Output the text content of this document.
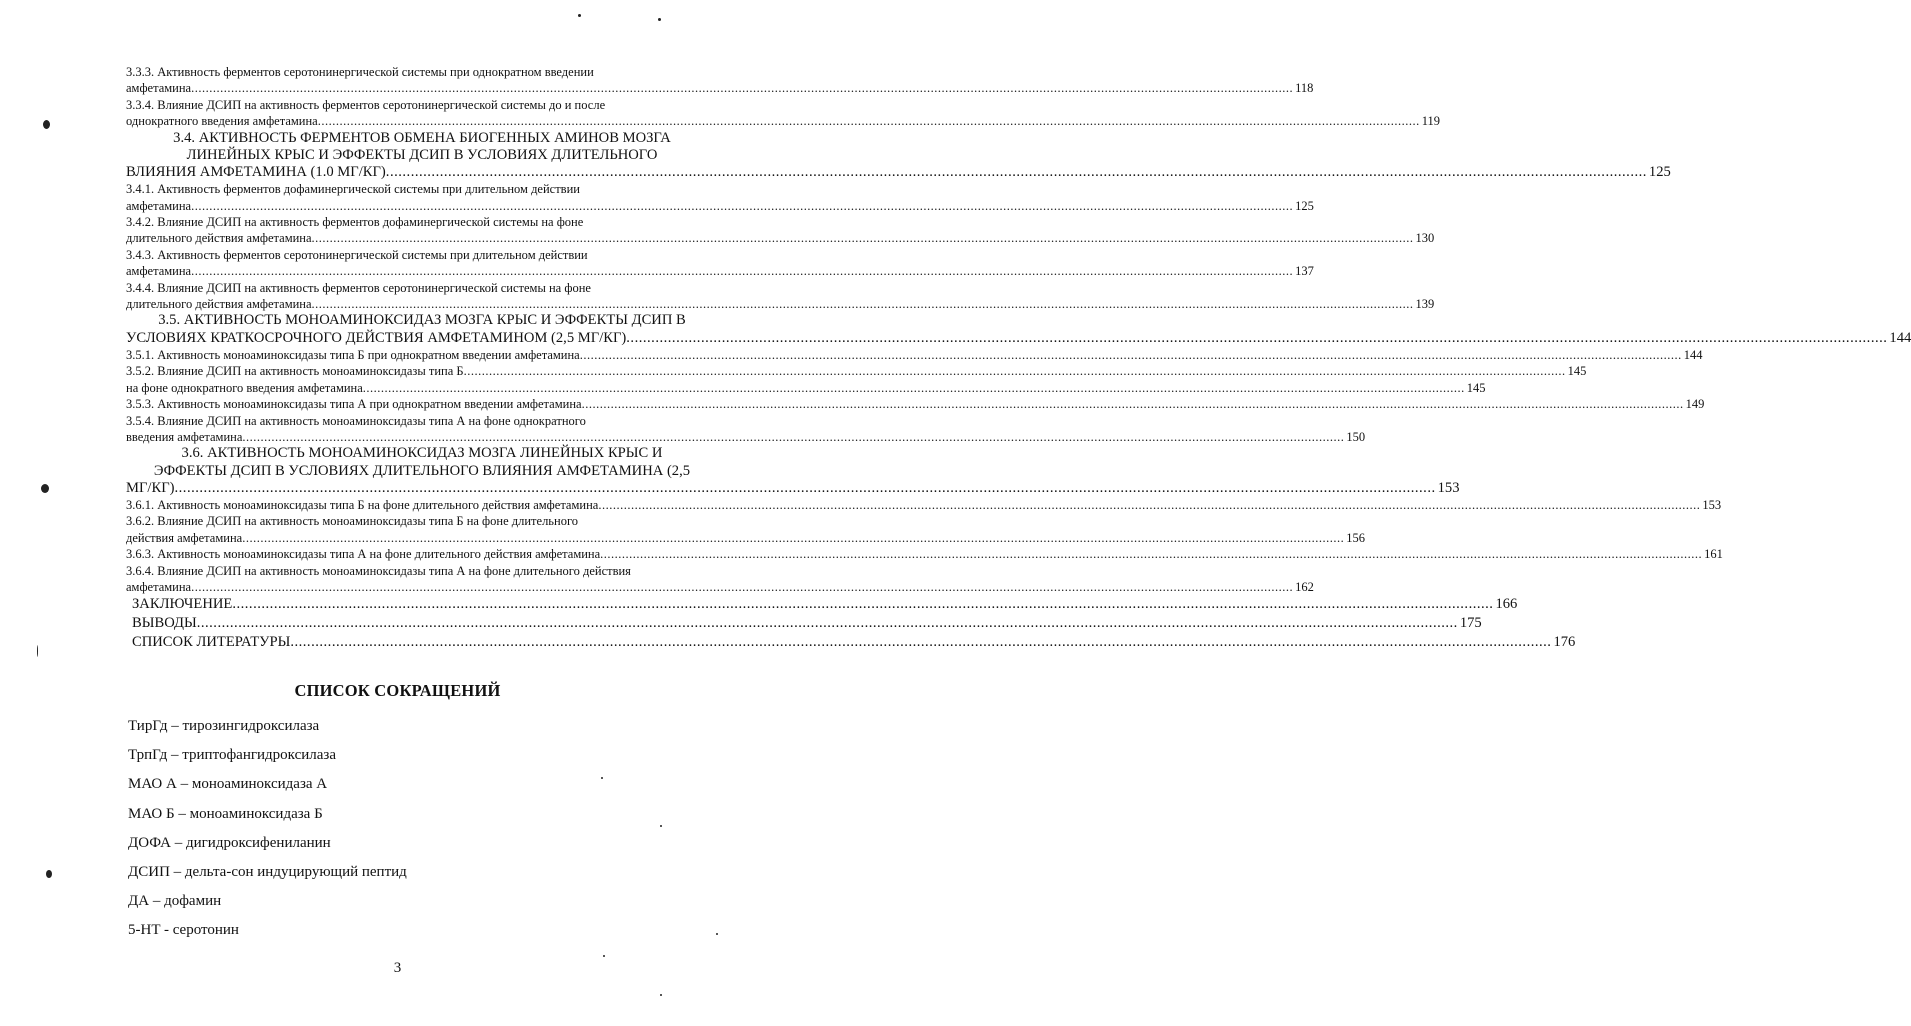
3.3.3. Активность ферментов серотонинергической системы при однократном введении
амфетамина .....	118
3.3.4. Влияние ДСИП на активность ферментов серотонинергической системы до и после
однократного введения амфетамина .....	119
3.4. АКТИВНОСТЬ ФЕРМЕНТОВ ОБМЕНА БИОГЕННЫХ АМИНОВ МОЗГА
ЛИНЕЙНЫХ КРЫС И ЭФФЕКТЫ ДСИП В УСЛОВИЯХ ДЛИТЕЛЬНОГО
ВЛИЯНИЯ АМФЕТАМИНА (1.0 МГ/КГ) .....	125
3.4.1. Активность ферментов дофаминергической системы при длительном действии
амфетамина .....	125
3.4.2. Влияние ДСИП на активность ферментов дофаминергической системы на фоне
длительного действия амфетамина .....	130
3.4.3. Активность ферментов серотонинергической системы при длительном действии
амфетамина .....	137
3.4.4. Влияние ДСИП на активность ферментов серотонинергической системы на фоне
длительного действия амфетамина .....	139
3.5. АКТИВНОСТЬ МОНОАМИНОКСИДАЗ МОЗГА КРЫС И ЭФФЕКТЫ ДСИП В
УСЛОВИЯХ КРАТКОСРОЧНОГО ДЕЙСТВИЯ АМФЕТАМИНОМ (2,5 МГ/КГ) .....	144
3.5.1. Активность моноаминоксидазы типа Б при однократном введении амфетамина .....	144
3.5.2. Влияние ДСИП на активность моноаминоксидазы типа Б .....	145
на фоне однократного введения амфетамина .....	145
3.5.3. Активность моноаминоксидазы типа А при однократном введении амфетамина .....	149
3.5.4. Влияние ДСИП на активность моноаминоксидазы типа А на фоне однократного
введения амфетамина .....	150
3.6. АКТИВНОСТЬ МОНОАМИНОКСИДАЗ МОЗГА ЛИНЕЙНЫХ КРЫС И
ЭФФЕКТЫ ДСИП В УСЛОВИЯХ ДЛИТЕЛЬНОГО ВЛИЯНИЯ АМФЕТАМИНА (2,5
МГ/КГ) .....	153
3.6.1. Активность моноаминоксидазы типа Б на фоне длительного действия амфетамина .....	153
3.6.2. Влияние ДСИП на активность моноаминоксидазы типа Б на фоне длительного
действия амфетамина .....	156
3.6.3. Активность моноаминоксидазы типа А на фоне длительного действия амфетамина .....	161
3.6.4. Влияние ДСИП на активность моноаминоксидазы типа А на фоне длительного действия
амфетамина .....	162
ЗАКЛЮЧЕНИЕ .....	166
ВЫВОДЫ .....	175
СПИСОК ЛИТЕРАТУРЫ .....	176
СПИСОК СОКРАЩЕНИЙ
ТирГд – тирозингидроксилаза
ТрпГд – триптофангидроксилаза
МАО А – моноаминоксидаза А
МАО Б – моноаминоксидаза Б
ДОФА – дигидроксифениланин
ДСИП – дельта-сон индуцирующий пептид
ДА – дофамин
5-HT - серотонин
3
